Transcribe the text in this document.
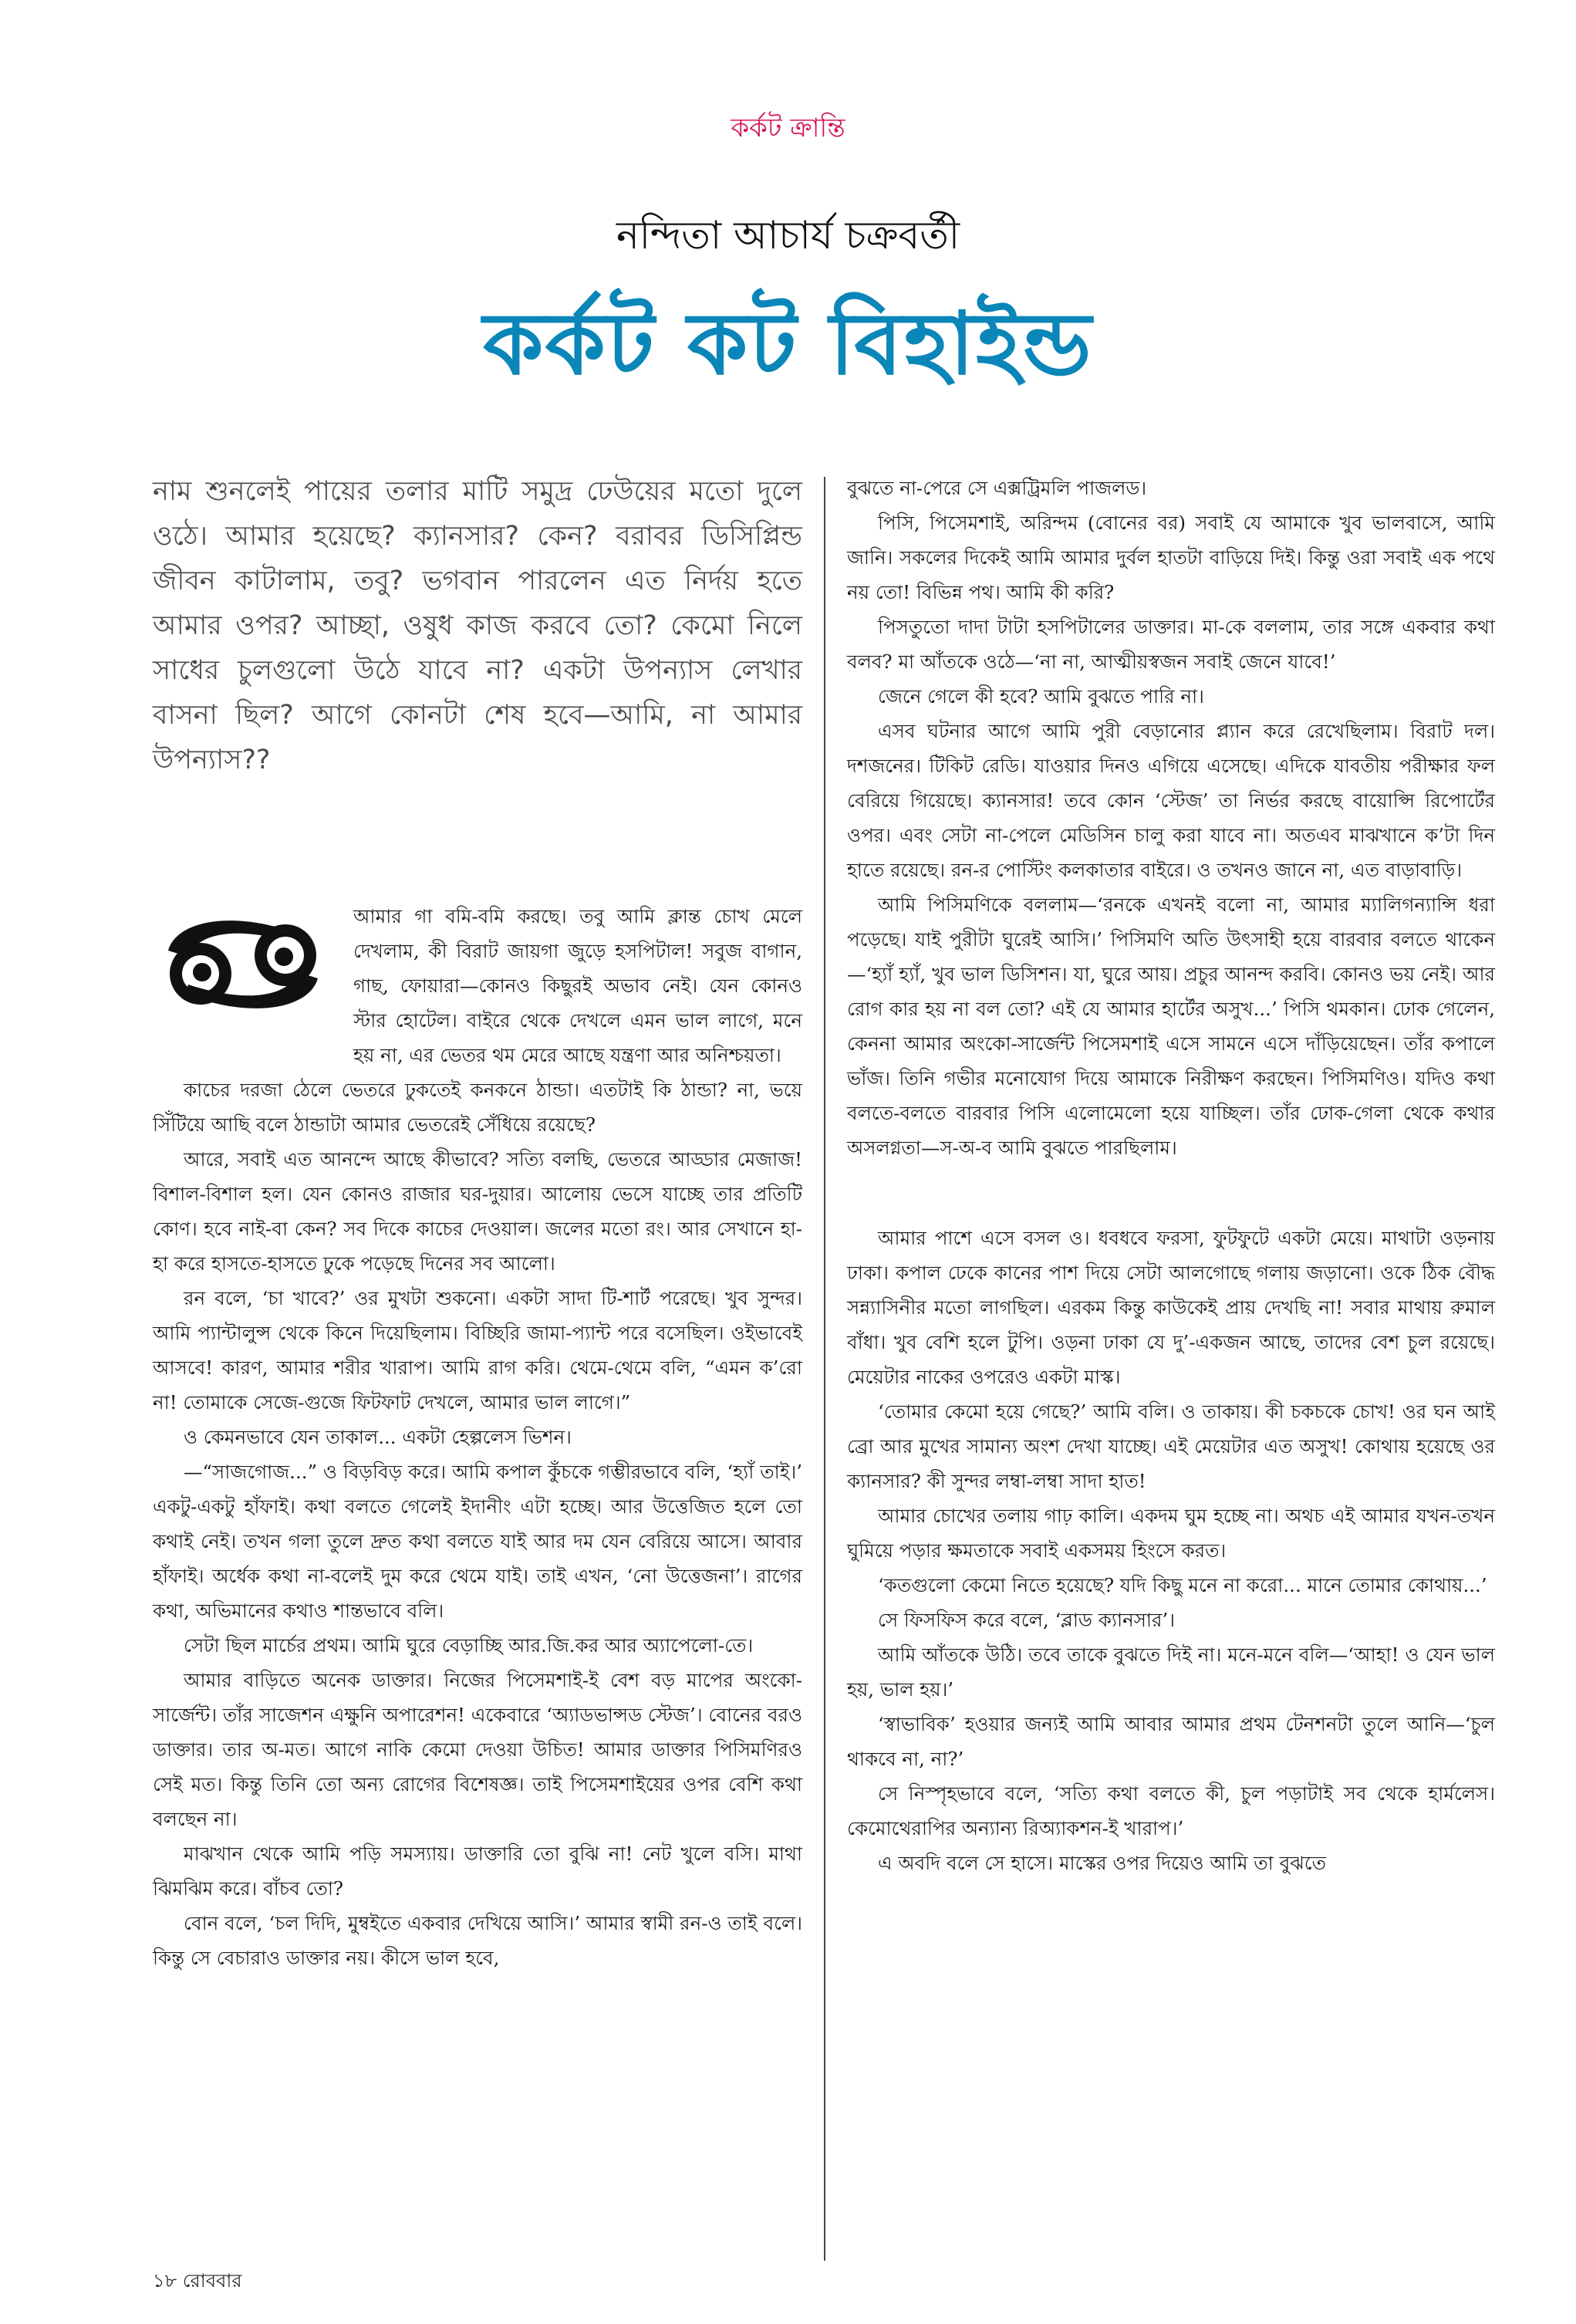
কর্কট ক্রান্তি
নন্দিতা আচার্য চক্রবর্তী
কর্কট কট বিহাইন্ড

নাম শুনলেই পায়ের তলার মাটি সমুদ্র ঢেউয়ের মতো দুলে ওঠে। আমার হয়েছে? ক্যানসার? কেন? বরাবর ডিসিপ্লিন্ড জীবন কাটালাম, তবু? ভগবান পারলেন এত নির্দয় হতে আমার ওপর? আচ্ছা, ওষুধ কাজ করবে তো? কেমো নিলে সাধের চুলগুলো উঠে যাবে না? একটা উপন্যাস লেখার বাসনা ছিল? আগে কোনটা শেষ হবে—আমি, না আমার উপন্যাস??

আমার গা বমি-বমি করছে। তবু আমি ক্লান্ত চোখ মেলে দেখলাম, কী বিরাট জায়গা জুড়ে হসপিটাল! সবুজ বাগান, গাছ, ফোয়ারা—কোনও কিছুরই অভাব নেই। যেন কোনও স্টার হোটেল। বাইরে থেকে দেখলে এমন ভাল লাগে, মনে হয় না, এর ভেতর থম মেরে আছে যন্ত্রণা আর অনিশ্চয়তা।

কাচের দরজা ঠেলে ভেতরে ঢুকতেই কনকনে ঠান্ডা। এতটাই কি ঠান্ডা? না, ভয়ে সিঁটিয়ে আছি বলে ঠান্ডাটা আমার ভেতরেই সেঁধিয়ে রয়েছে?

আরে, সবাই এত আনন্দে আছে কীভাবে? সত্যি বলছি, ভেতরে আড্ডার মেজাজ! বিশাল-বিশাল হল। যেন কোনও রাজার ঘর-দুয়ার। আলোয় ভেসে যাচ্ছে তার প্রতিটি কোণ। হবে নাই-বা কেন? সব দিকে কাচের দেওয়াল। জলের মতো রং। আর সেখানে হা-হা করে হাসতে-হাসতে ঢুকে পড়েছে দিনের সব আলো।

রন বলে, ‘চা খাবে?’ ওর মুখটা শুকনো। একটা সাদা টি-শার্ট পরেছে। খুব সুন্দর। আমি প্যান্টালুন্স থেকে কিনে দিয়েছিলাম। বিচ্ছিরি জামা-প্যান্ট পরে বসেছিল। ওইভাবেই আসবে! কারণ, আমার শরীর খারাপ। আমি রাগ করি। থেমে-থেমে বলি, “এমন ক’রো না! তোমাকে সেজে-গুজে ফিটফাট দেখলে, আমার ভাল লাগে।”

ও কেমনভাবে যেন তাকাল... একটা হেল্পলেস ভিশন।

—“সাজগোজ...” ও বিড়বিড় করে। আমি কপাল কুঁচকে গম্ভীরভাবে বলি, ‘হ্যাঁ তাই।’ একটু-একটু হাঁফাই। কথা বলতে গেলেই ইদানীং এটা হচ্ছে। আর উত্তেজিত হলে তো কথাই নেই। তখন গলা তুলে দ্রুত কথা বলতে যাই আর দম যেন বেরিয়ে আসে। আবার হাঁফাই। অর্ধেক কথা না-বলেই দুম করে থেমে যাই। তাই এখন, ‘নো উত্তেজনা’। রাগের কথা, অভিমানের কথাও শান্তভাবে বলি।

সেটা ছিল মার্চের প্রথম। আমি ঘুরে বেড়াচ্ছি আর.জি.কর আর অ্যাপেলো-তে।

আমার বাড়িতে অনেক ডাক্তার। নিজের পিসেমশাই-ই বেশ বড় মাপের অংকো-সার্জেন্ট। তাঁর সাজেশন এক্ষুনি অপারেশন! একেবারে ‘অ্যাডভান্সড স্টেজ’। বোনের বরও ডাক্তার। তার অ-মত। আগে নাকি কেমো দেওয়া উচিত! আমার ডাক্তার পিসিমণিরও সেই মত। কিন্তু তিনি তো অন্য রোগের বিশেষজ্ঞ। তাই পিসেমশাইয়ের ওপর বেশি কথা বলছেন না।

মাঝখান থেকে আমি পড়ি সমস্যায়। ডাক্তারি তো বুঝি না! নেট খুলে বসি। মাথা ঝিমঝিম করে। বাঁচব তো?

বোন বলে, ‘চল দিদি, মুম্বইতে একবার দেখিয়ে আসি।’ আমার স্বামী রন-ও তাই বলে। কিন্তু সে বেচারাও ডাক্তার নয়। কীসে ভাল হবে,

বুঝতে না-পেরে সে এক্সট্রিমলি পাজলড।

পিসি, পিসেমশাই, অরিন্দম (বোনের বর) সবাই যে আমাকে খুব ভালবাসে, আমি জানি। সকলের দিকেই আমি আমার দুর্বল হাতটা বাড়িয়ে দিই। কিন্তু ওরা সবাই এক পথে নয় তো! বিভিন্ন পথ। আমি কী করি?

পিসতুতো দাদা টাটা হসপিটালের ডাক্তার। মা-কে বললাম, তার সঙ্গে একবার কথা বলব? মা আঁতকে ওঠে—‘না না, আত্মীয়স্বজন সবাই জেনে যাবে!’

জেনে গেলে কী হবে? আমি বুঝতে পারি না।

এসব ঘটনার আগে আমি পুরী বেড়ানোর প্ল্যান করে রেখেছিলাম। বিরাট দল। দশজনের। টিকিট রেডি। যাওয়ার দিনও এগিয়ে এসেছে। এদিকে যাবতীয় পরীক্ষার ফল বেরিয়ে গিয়েছে। ক্যানসার! তবে কোন ‘স্টেজ’ তা নির্ভর করছে বায়োপ্সি রিপোর্টের ওপর। এবং সেটা না-পেলে মেডিসিন চালু করা যাবে না। অতএব মাঝখানে ক’টা দিন হাতে রয়েছে। রন-র পোস্টিং কলকাতার বাইরে। ও তখনও জানে না, এত বাড়াবাড়ি।

আমি পিসিমণিকে বললাম—‘রনকে এখনই বলো না, আমার ম্যালিগন্যান্সি ধরা পড়েছে। যাই পুরীটা ঘুরেই আসি।’ পিসিমণি অতি উৎসাহী হয়ে বারবার বলতে থাকেন—‘হ্যাঁ হ্যাঁ, খুব ভাল ডিসিশন। যা, ঘুরে আয়। প্রচুর আনন্দ করবি। কোনও ভয় নেই। আর রোগ কার হয় না বল তো? এই যে আমার হার্টের অসুখ...’ পিসি থমকান। ঢোক গেলেন, কেননা আমার অংকো-সার্জেন্ট পিসেমশাই এসে সামনে এসে দাঁড়িয়েছেন। তাঁর কপালে ভাঁজ। তিনি গভীর মনোযোগ দিয়ে আমাকে নিরীক্ষণ করছেন। পিসিমণিও। যদিও কথা বলতে-বলতে বারবার পিসি এলোমেলো হয়ে যাচ্ছিল। তাঁর ঢোক-গেলা থেকে কথার অসলগ্নতা—স-অ-ব আমি বুঝতে পারছিলাম।

আমার পাশে এসে বসল ও। ধবধবে ফরসা, ফুটফুটে একটা মেয়ে। মাথাটা ওড়নায় ঢাকা। কপাল ঢেকে কানের পাশ দিয়ে সেটা আলগোছে গলায় জড়ানো। ওকে ঠিক বৌদ্ধ সন্ন্যাসিনীর মতো লাগছিল। এরকম কিন্তু কাউকেই প্রায় দেখছি না! সবার মাথায় রুমাল বাঁধা। খুব বেশি হলে টুপি। ওড়না ঢাকা যে দু’-একজন আছে, তাদের বেশ চুল রয়েছে। মেয়েটার নাকের ওপরেও একটা মাস্ক।

‘তোমার কেমো হয়ে গেছে?’ আমি বলি। ও তাকায়। কী চকচকে চোখ! ওর ঘন আই ব্রো আর মুখের সামান্য অংশ দেখা যাচ্ছে। এই মেয়েটার এত অসুখ! কোথায় হয়েছে ওর ক্যানসার? কী সুন্দর লম্বা-লম্বা সাদা হাত!

আমার চোখের তলায় গাঢ় কালি। একদম ঘুম হচ্ছে না। অথচ এই আমার যখন-তখন ঘুমিয়ে পড়ার ক্ষমতাকে সবাই একসময় হিংসে করত।

‘কতগুলো কেমো নিতে হয়েছে? যদি কিছু মনে না করো... মানে তোমার কোথায়...’

সে ফিসফিস করে বলে, ‘ব্লাড ক্যানসার’।

আমি আঁতকে উঠি। তবে তাকে বুঝতে দিই না। মনে-মনে বলি—‘আহা! ও যেন ভাল হয়, ভাল হয়।’

‘স্বাভাবিক’ হওয়ার জন্যই আমি আবার আমার প্রথম টেনশনটা তুলে আনি—‘চুল থাকবে না, না?’

সে নিস্পৃহভাবে বলে, ‘সত্যি কথা বলতে কী, চুল পড়াটাই সব থেকে হার্মলেস। কেমোথেরাপির অন্যান্য রিঅ্যাকশন-ই খারাপ।’

এ অবদি বলে সে হাসে। মাস্কের ওপর দিয়েও আমি তা বুঝতে

১৮ রোববার
